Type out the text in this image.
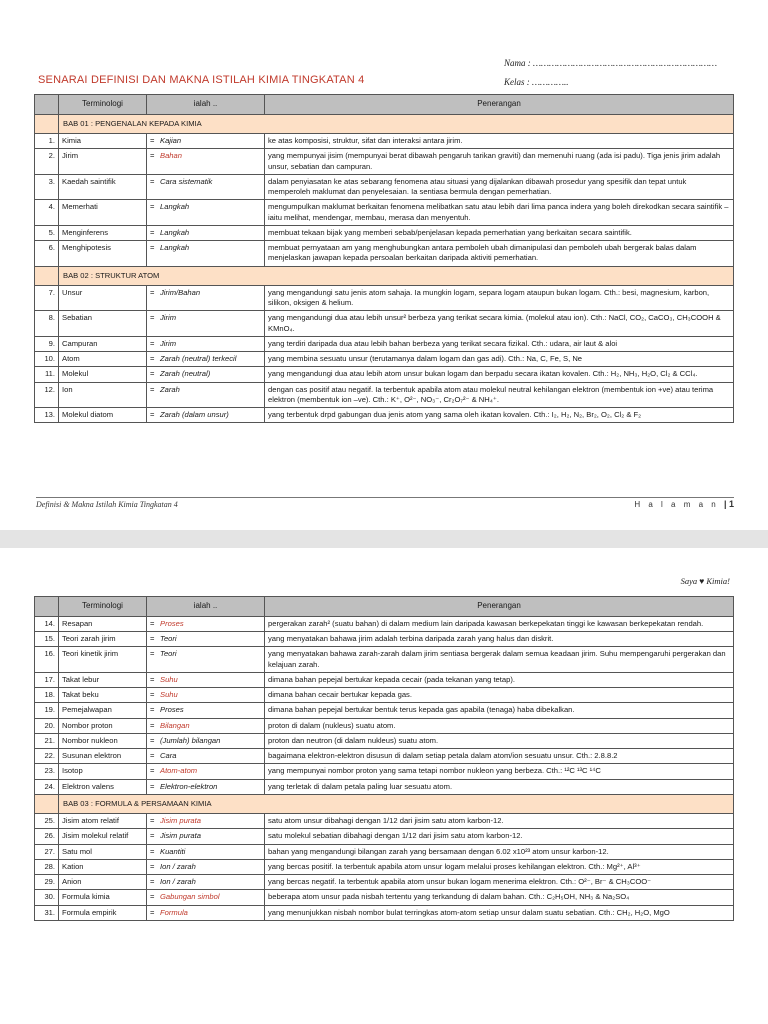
Nama : ……………………………………………………………
Kelas : …………..
SENARAI DEFINISI DAN MAKNA ISTILAH KIMIA TINGKATAN 4
	Terminologi	ialah ..	Penerangan
	BAB 01 : PENGENALAN KEPADA KIMIA		
1.	Kimia	= Kajian	ke atas komposisi, struktur, sifat dan interaksi antara jirim.
2.	Jirim	= Bahan	yang mempunyai jisim (mempunyai berat dibawah pengaruh tarikan graviti) dan memenuhi ruang (ada isi padu). Tiga jenis jirim adalah unsur, sebatian dan campuran.
3.	Kaedah saintifik	= Cara sistematik	dalam penyiasatan ke atas sebarang fenomena atau situasi yang dijalankan dibawah prosedur yang spesifik dan tepat untuk memperoleh maklumat dan penyelesaian. Ia sentiasa bermula dengan pemerhatian.
4.	Memerhati	= Langkah	mengumpulkan maklumat berkaitan fenomena melibatkan satu atau lebih dari lima panca indera yang boleh direkodkan secara saintifik – iaitu melihat, mendengar, membau, merasa dan menyentuh.
5.	Menginferens	= Langkah	membuat tekaan bijak yang memberi sebab/penjelasan kepada pemerhatian yang berkaitan secara saintifik.
6.	Menghipotesis	= Langkah	membuat pernyataan am yang menghubungkan antara pemboleh ubah dimanipulasi dan pemboleh ubah bergerak balas dalam menjelaskan jawapan kepada persoalan berkaitan daripada aktiviti pemerhatian.
	BAB 02 : STRUKTUR ATOM		
7.	Unsur	= Jirim/Bahan	yang mengandungi satu jenis atom sahaja. Ia mungkin logam, separa logam ataupun bukan logam. Cth.: besi, magnesium, karbon, silikon, oksigen & helium.
8.	Sebatian	= Jirim	yang mengandungi dua atau lebih unsur² berbeza yang terikat secara kimia. (molekul atau ion). Cth.: NaCl, CO₂, CaCO₃, CH₃COOH & KMnO₄.
9.	Campuran	= Jirim	yang terdiri daripada dua atau lebih bahan berbeza yang terikat secara fizikal. Cth.: udara, air laut & aloi
10.	Atom	= Zarah (neutral) terkecil	yang membina sesuatu unsur (terutamanya dalam logam dan gas adi). Cth.: Na, C, Fe, S, Ne
11.	Molekul	= Zarah (neutral)	yang mengandungi dua atau lebih atom unsur bukan logam dan berpadu secara ikatan kovalen. Cth.: H₂, NH₃, H₂O, Cl₂ & CCl₄.
12.	Ion	= Zarah	dengan cas positif atau negatif. Ia terbentuk apabila atom atau molekul neutral kehilangan elektron (membentuk ion +ve) atau terima elektron (membentuk ion –ve). Cth.: K⁺, O²⁻, NO₃⁻, Cr₂O₇²⁻ & NH₄⁺.
13.	Molekul diatom	= Zarah (dalam unsur)	yang terbentuk drpd gabungan dua jenis atom yang sama oleh ikatan kovalen. Cth.: I₂, H₂, N₂, Br₂, O₂, Cl₂ & F₂
Definisi & Makna Istilah Kimia Tingkatan 4	H a l a m a n | 1
Saya ♥ Kimia!
	Terminologi	ialah ..	Penerangan
14.	Resapan	= Proses	pergerakan zarah² (suatu bahan) di dalam medium lain daripada kawasan berkepekatan tinggi ke kawasan berkepekatan rendah.
15.	Teori zarah jirim	= Teori	yang menyatakan bahawa jirim adalah terbina daripada zarah yang halus dan diskrit.
16.	Teori kinetik jirim	= Teori	yang menyatakan bahawa zarah-zarah dalam jirim sentiasa bergerak dalam semua keadaan jirim. Suhu mempengaruhi pergerakan dan kelajuan zarah.
17.	Takat lebur	= Suhu	dimana bahan pepejal bertukar kepada cecair (pada tekanan yang tetap).
18.	Takat beku	= Suhu	dimana bahan cecair bertukar kepada gas.
19.	Pemejalwapan	= Proses	dimana bahan pepejal bertukar bentuk terus kepada gas apabila (tenaga) haba dibekalkan.
20.	Nombor proton	= Bilangan	proton di dalam (nukleus) suatu atom.
21.	Nombor nukleon	= (Jumlah) bilangan	proton dan neutron (di dalam nukleus) suatu atom.
22.	Susunan elektron	= Cara	bagaimana elektron-elektron disusun di dalam setiap petala dalam atom/ion sesuatu unsur. Cth.: 2.8.8.2
23.	Isotop	= Atom-atom	yang mempunyai nombor proton yang sama tetapi nombor nukleon yang berbeza. Cth.: ¹²C ¹³C ¹⁴C
24.	Elektron valens	= Elektron-elektron	yang terletak di dalam petala paling luar sesuatu atom.
	BAB 03 : FORMULA & PERSAMAAN KIMIA		
25.	Jisim atom relatif	= Jisim purata	satu atom unsur dibahagi dengan 1/12 dari jisim satu atom karbon-12.
26.	Jisim molekul relatif	= Jisim purata	satu molekul sebatian dibahagi dengan 1/12 dari jisim satu atom karbon-12.
27.	Satu mol	= Kuantiti	bahan yang mengandungi bilangan zarah yang bersamaan dengan 6.02 x10²³ atom unsur karbon-12.
28.	Kation	= Ion / zarah	yang bercas positif. Ia terbentuk apabila atom unsur logam melalui proses kehilangan elektron. Cth.: Mg²⁺, Al³⁺
29.	Anion	= Ion / zarah	yang bercas negatif. Ia terbentuk apabila atom unsur bukan logam menerima elektron. Cth.: O²⁻, Br⁻ & CH₃COO⁻
30.	Formula kimia	= Gabungan simbol	beberapa atom unsur pada nisbah tertentu yang terkandung di dalam bahan. Cth.: C₂H₅OH, NH₃ & Na₂SO₄
31.	Formula empirik	= Formula	yang menunjukkan nisbah nombor bulat terringkas atom-atom setiap unsur dalam suatu sebatian. Cth.: CH₂, H₂O, MgO
